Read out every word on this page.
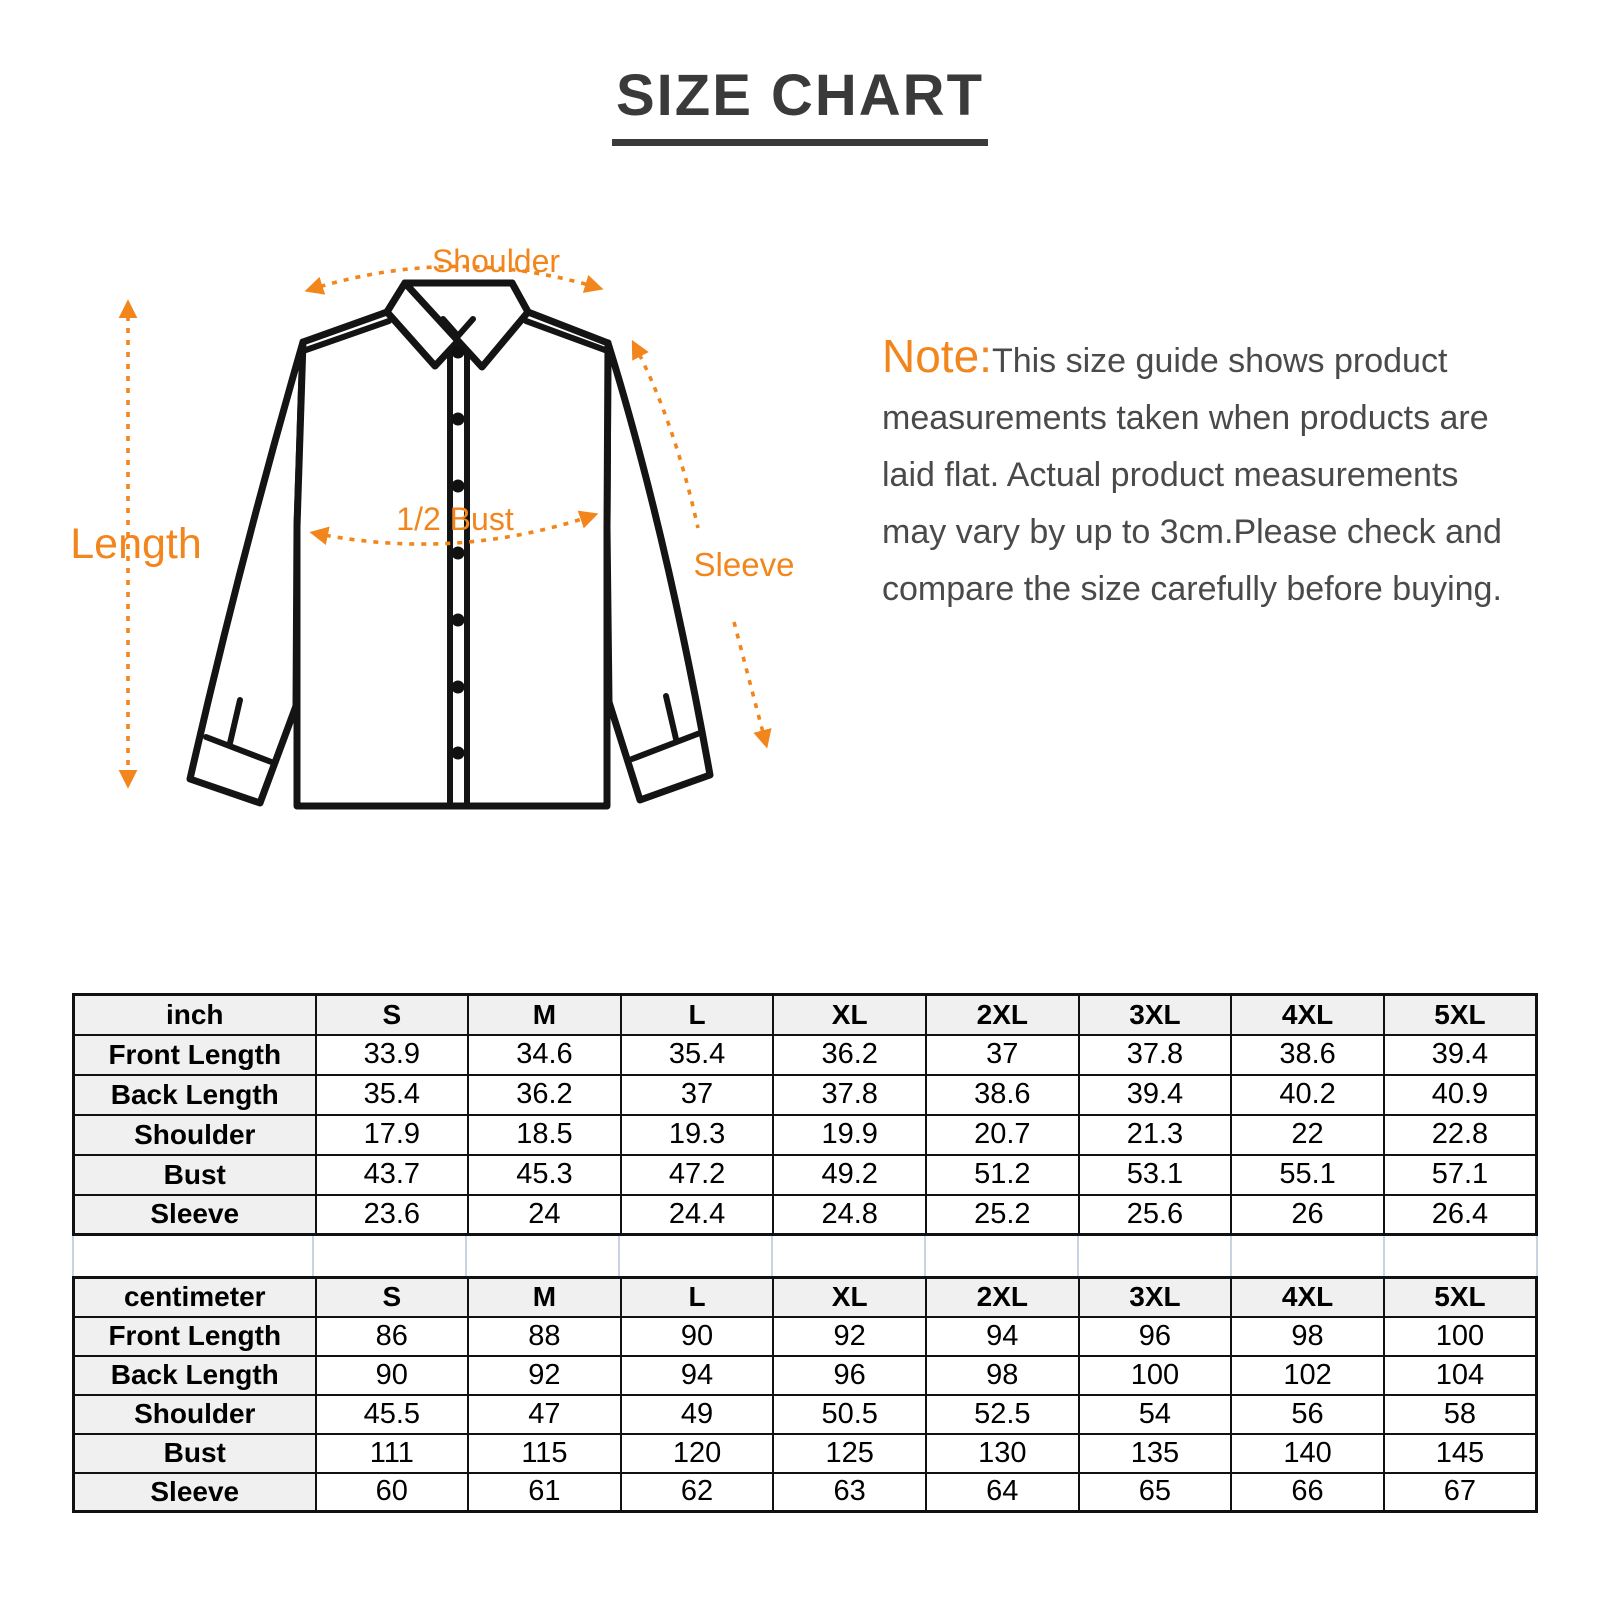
SIZE CHART
Shoulder
Length
1/2 Bust
Sleeve
Note:This size guide shows product
measurements taken when products are
laid flat. Actual product measurements
may vary by up to 3cm.Please check and
compare the size carefully before buying.
inch	S	M	L	XL	2XL	3XL	4XL	5XL
Front Length	33.9	34.6	35.4	36.2	37	37.8	38.6	39.4
Back Length	35.4	36.2	37	37.8	38.6	39.4	40.2	40.9
Shoulder	17.9	18.5	19.3	19.9	20.7	21.3	22	22.8
Bust	43.7	45.3	47.2	49.2	51.2	53.1	55.1	57.1
Sleeve	23.6	24	24.4	24.8	25.2	25.6	26	26.4
centimeter	S	M	L	XL	2XL	3XL	4XL	5XL
Front Length	86	88	90	92	94	96	98	100
Back Length	90	92	94	96	98	100	102	104
Shoulder	45.5	47	49	50.5	52.5	54	56	58
Bust	111	115	120	125	130	135	140	145
Sleeve	60	61	62	63	64	65	66	67
